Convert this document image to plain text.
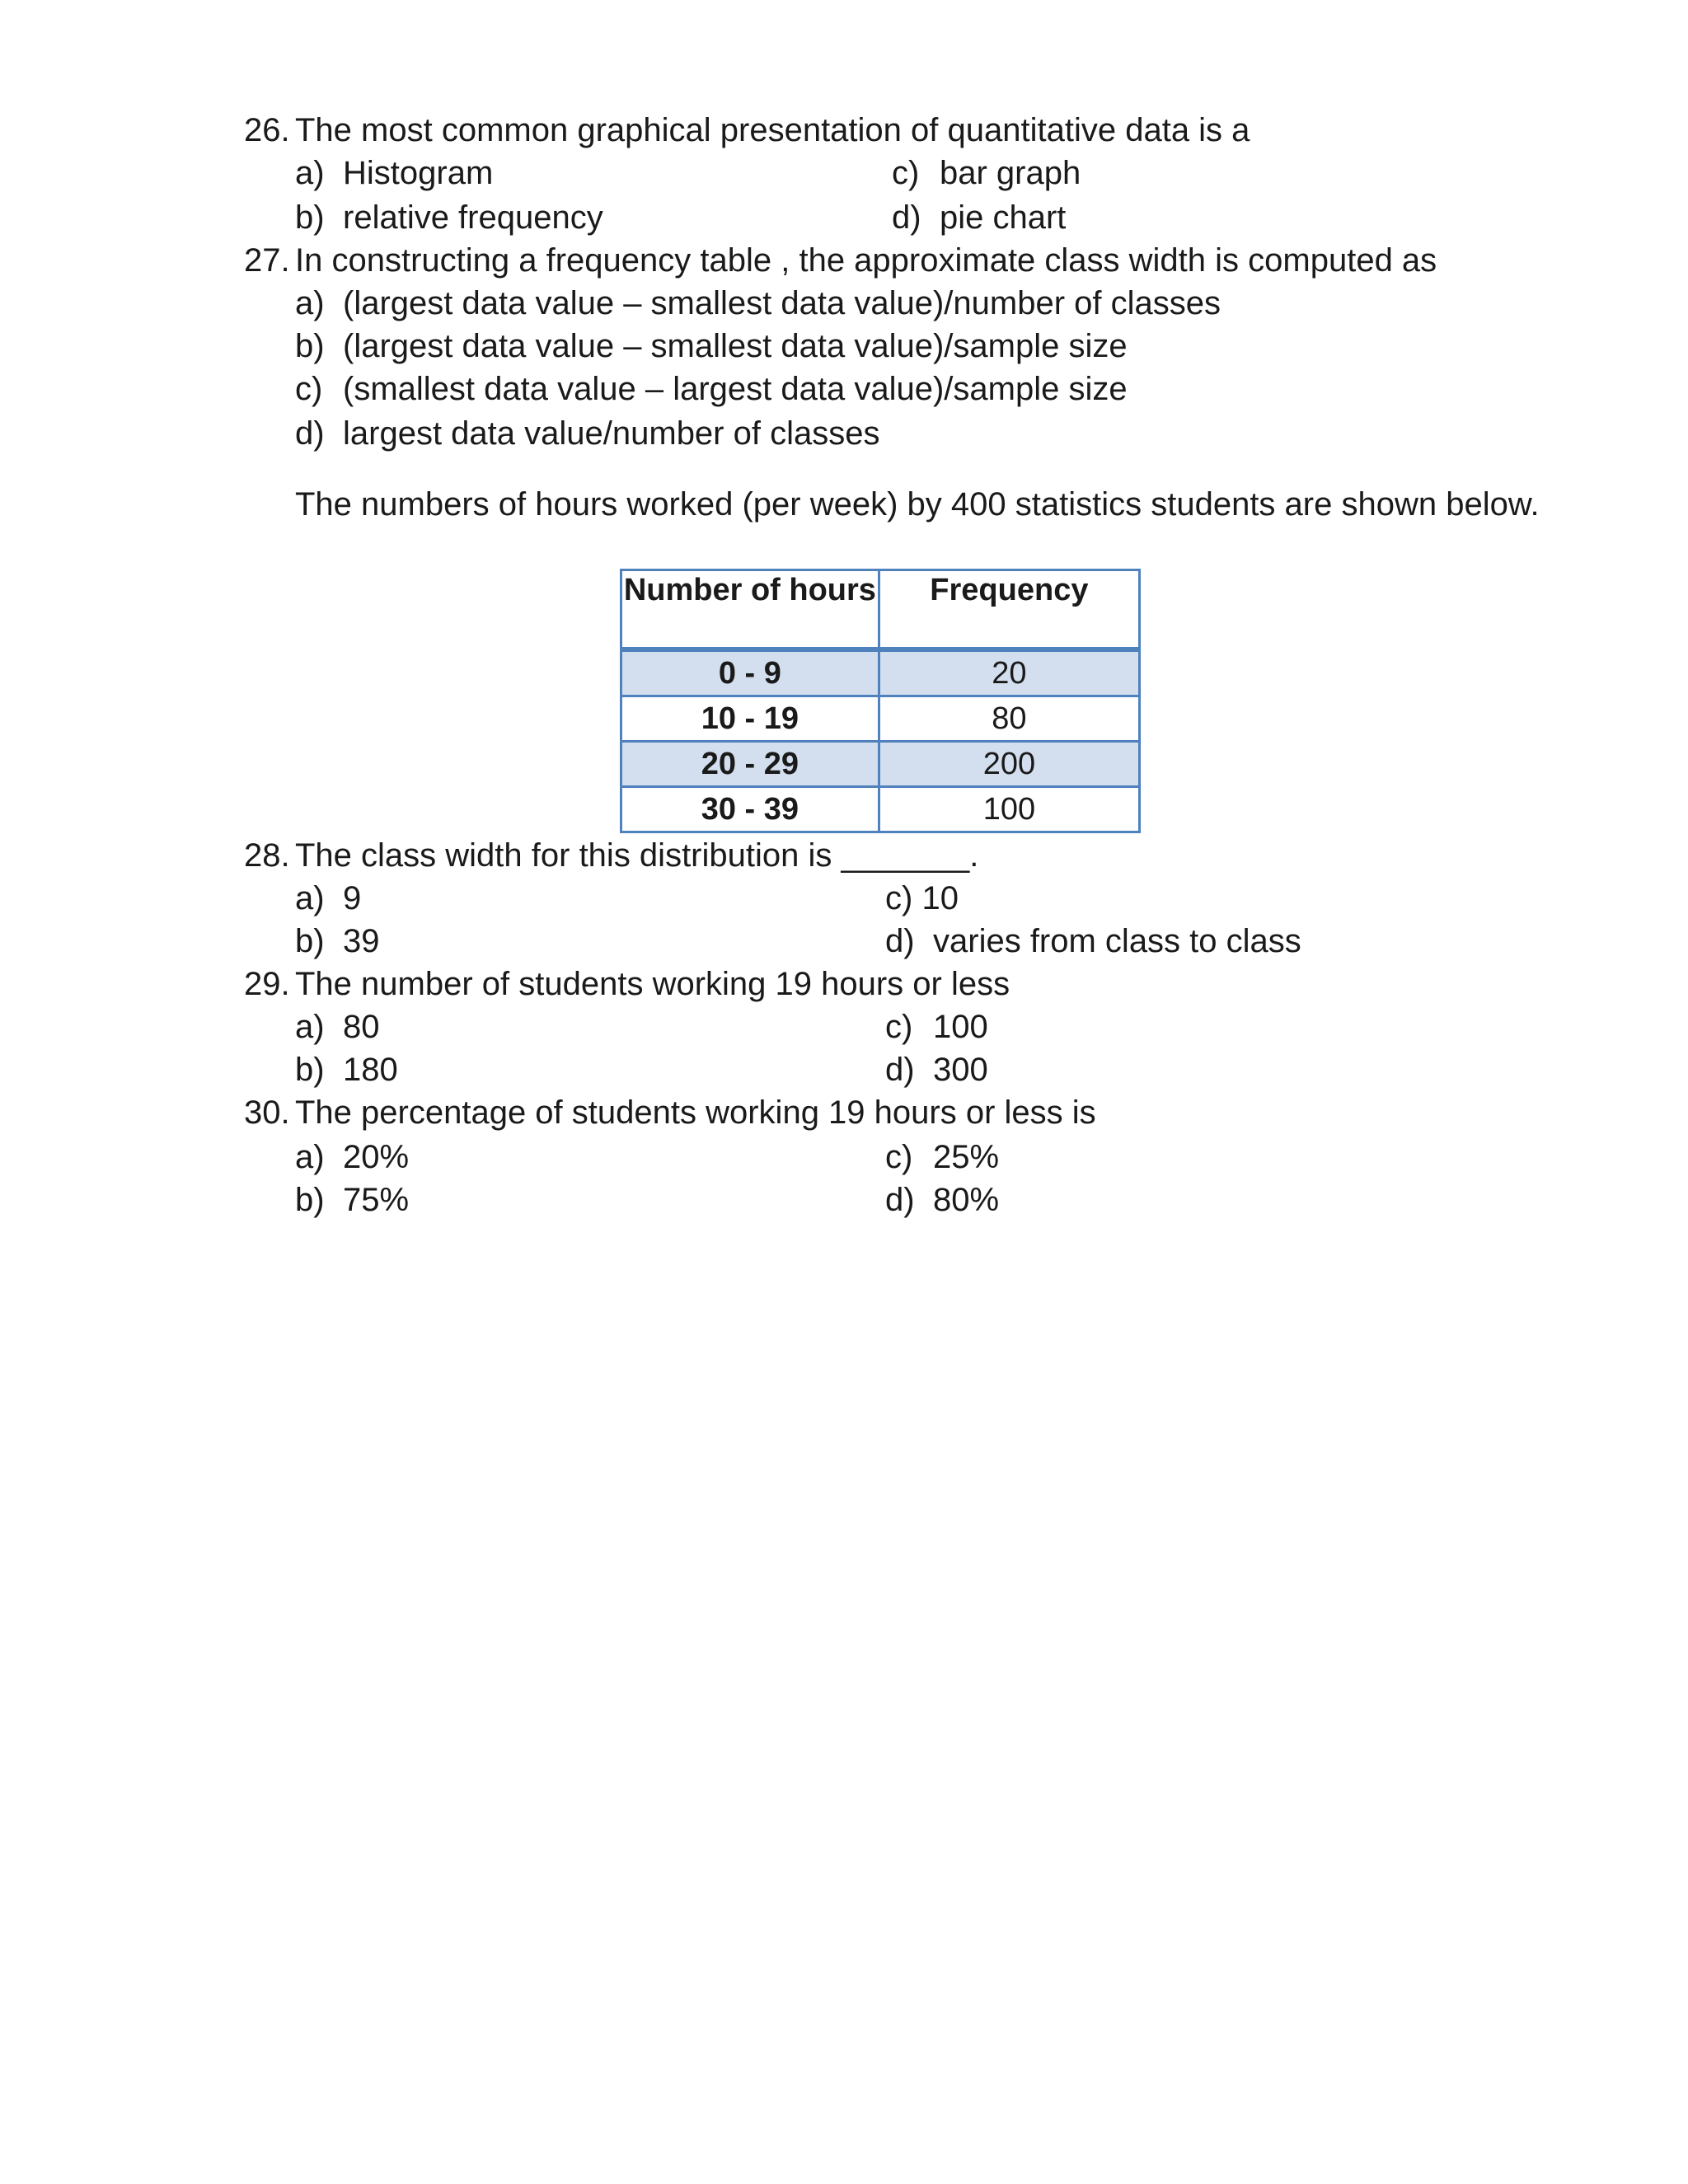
26. The most common graphical presentation of quantitative data is a
a) Histogram	c) bar graph
b) relative frequency	d) pie chart
27. In constructing a frequency table , the approximate class width is computed as
a) (largest data value – smallest data value)/number of classes
b) (largest data value – smallest data value)/sample size
c) (smallest data value – largest data value)/sample size
d) largest data value/number of classes
The numbers of hours worked (per week) by 400 statistics students are shown below.
Number of hours	Frequency
0 - 9	20
10 - 19	80
20 - 29	200
30 - 39	100
28. The class width for this distribution is _______.
a) 9	c) 10
b) 39	d) varies from class to class
29. The number of students working 19 hours or less
a) 80	c) 100
b) 180	d) 300
30. The percentage of students working 19 hours or less is
a) 20%	c) 25%
b) 75%	d) 80%
